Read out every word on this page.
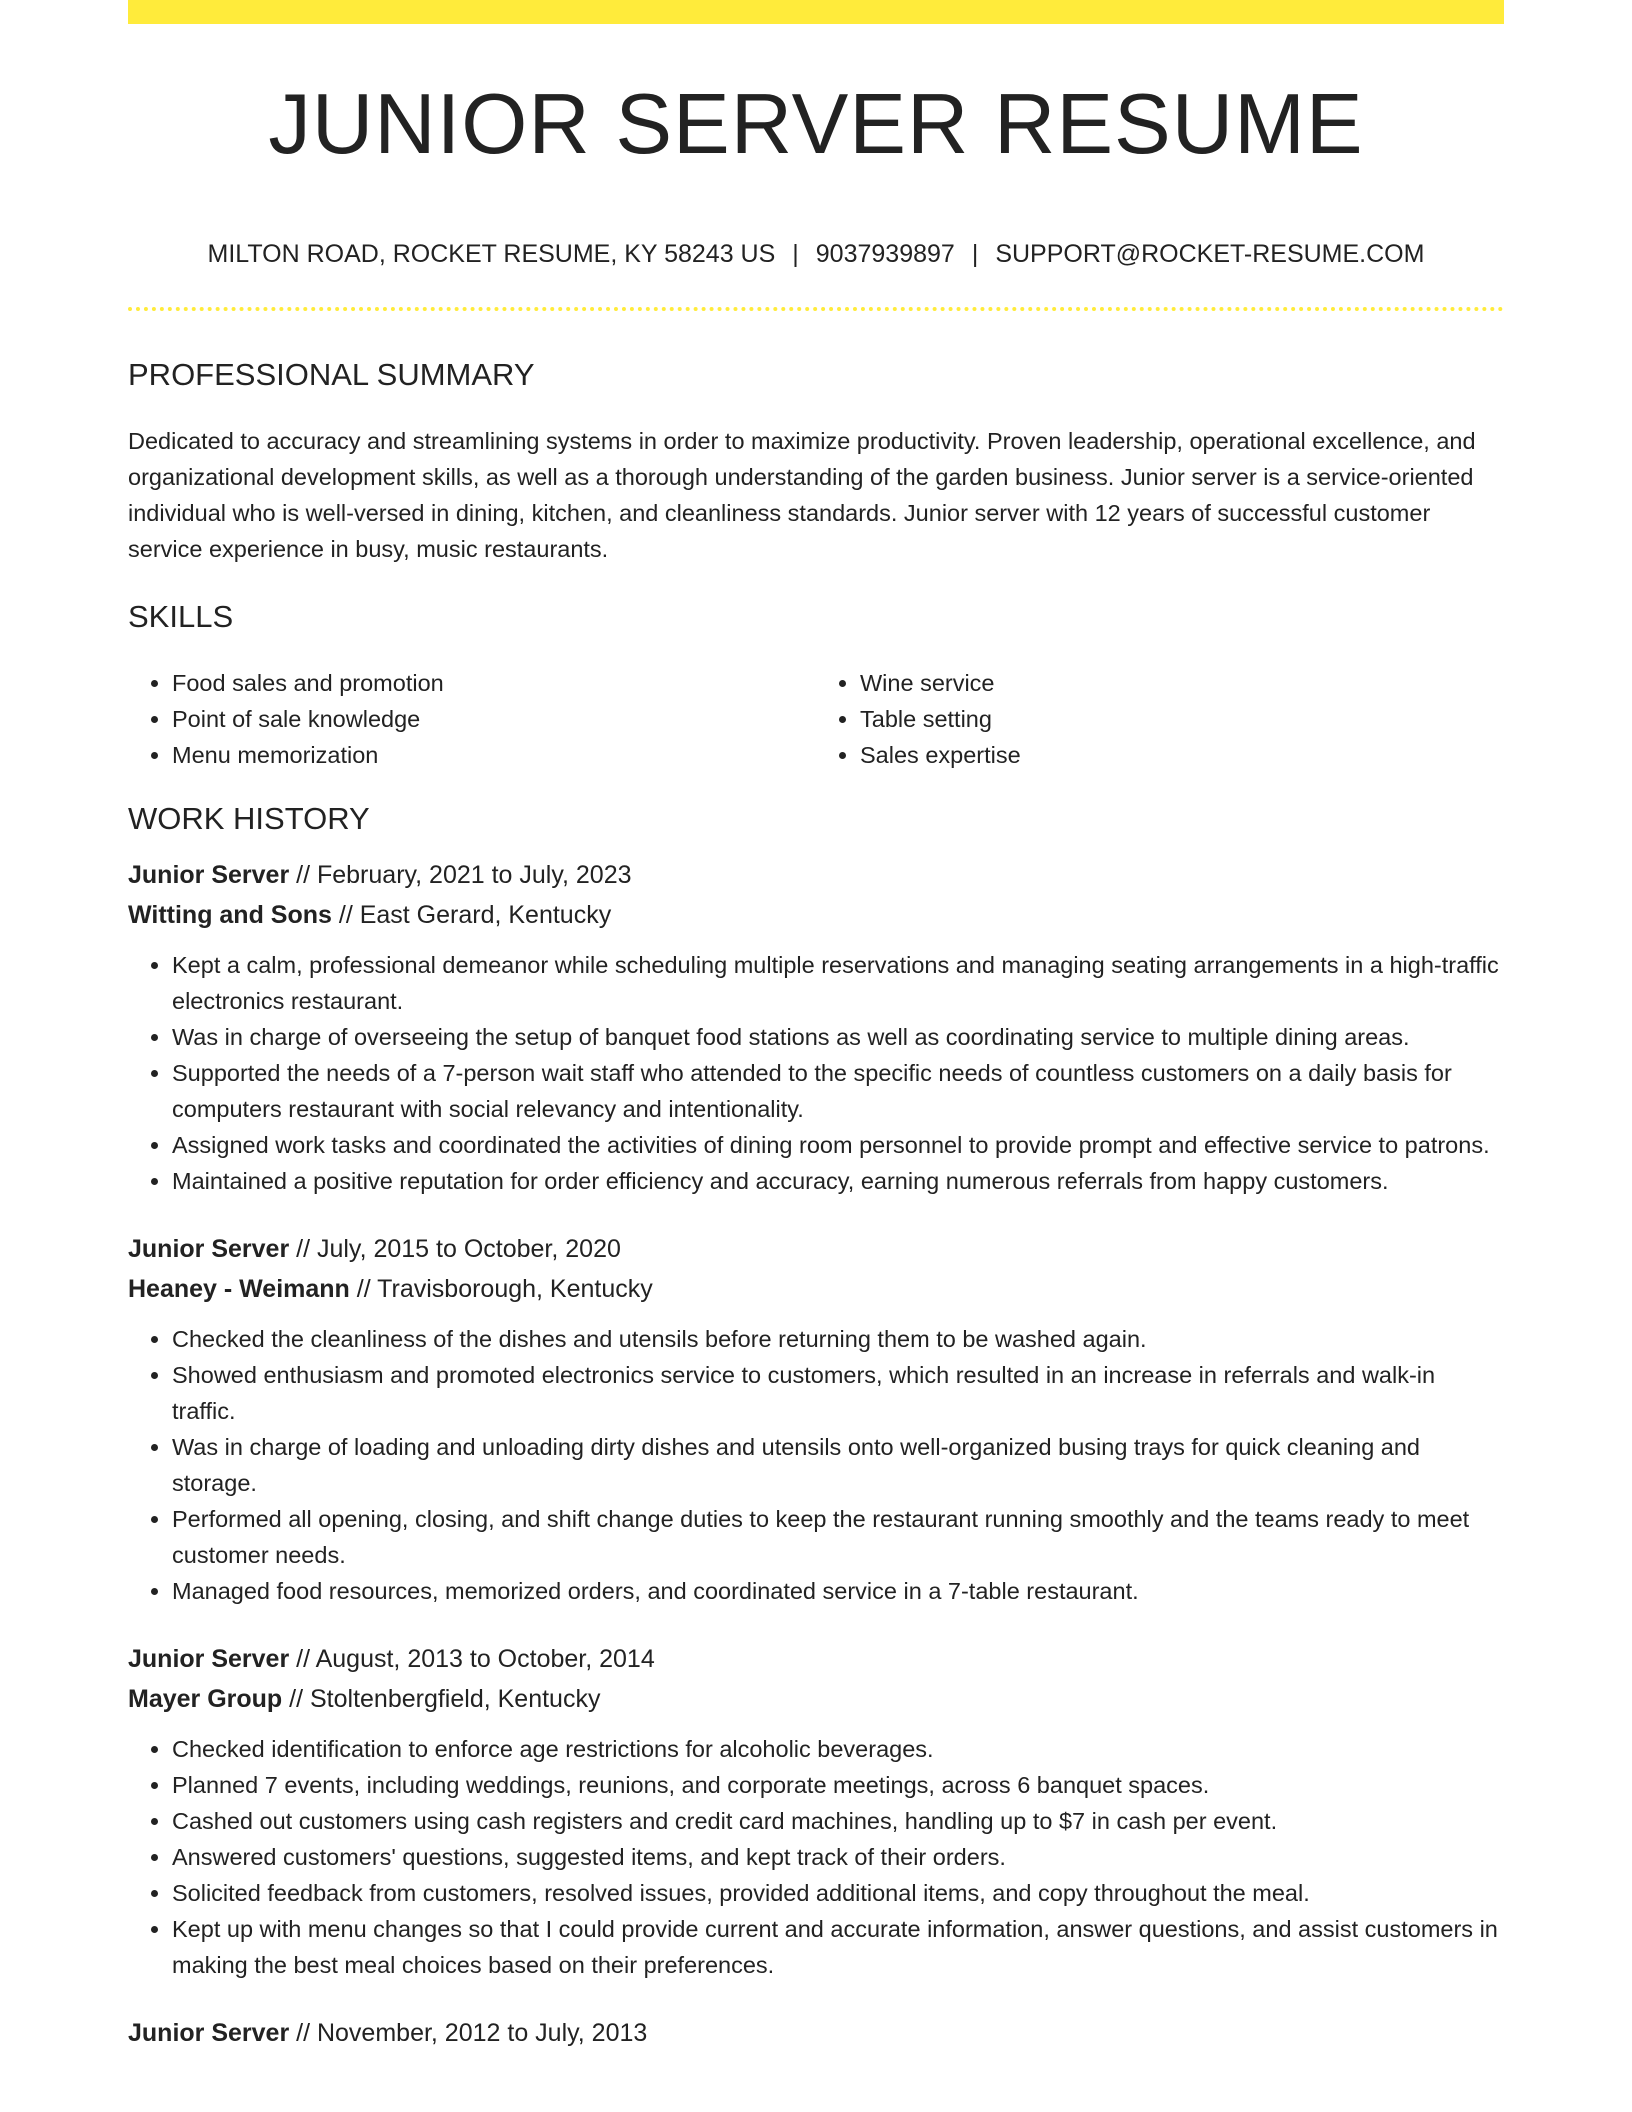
JUNIOR SERVER RESUME
MILTON ROAD, ROCKET RESUME, KY 58243 US | 9037939897 | SUPPORT@ROCKET-RESUME.COM
PROFESSIONAL SUMMARY

Dedicated to accuracy and streamlining systems in order to maximize productivity. Proven leadership, operational excellence, and organizational development skills, as well as a thorough understanding of the garden business. Junior server is a service-oriented individual who is well-versed in dining, kitchen, and cleanliness standards. Junior server with 12 years of successful customer service experience in busy, music restaurants.

SKILLS
• Food sales and promotion
• Point of sale knowledge
• Menu memorization
• Wine service
• Table setting
• Sales expertise
WORK HISTORY
Junior Server // February, 2021 to July, 2023
Witting and Sons // East Gerard, Kentucky
• Kept a calm, professional demeanor while scheduling multiple reservations and managing seating arrangements in a high-traffic electronics restaurant.
• Was in charge of overseeing the setup of banquet food stations as well as coordinating service to multiple dining areas.
• Supported the needs of a 7-person wait staff who attended to the specific needs of countless customers on a daily basis for computers restaurant with social relevancy and intentionality.
• Assigned work tasks and coordinated the activities of dining room personnel to provide prompt and effective service to patrons.
• Maintained a positive reputation for order efficiency and accuracy, earning numerous referrals from happy customers.
Junior Server // July, 2015 to October, 2020
Heaney - Weimann // Travisborough, Kentucky
• Checked the cleanliness of the dishes and utensils before returning them to be washed again.
• Showed enthusiasm and promoted electronics service to customers, which resulted in an increase in referrals and walk-in traffic.
• Was in charge of loading and unloading dirty dishes and utensils onto well-organized busing trays for quick cleaning and storage.
• Performed all opening, closing, and shift change duties to keep the restaurant running smoothly and the teams ready to meet customer needs.
• Managed food resources, memorized orders, and coordinated service in a 7-table restaurant.
Junior Server // August, 2013 to October, 2014
Mayer Group // Stoltenbergfield, Kentucky
• Checked identification to enforce age restrictions for alcoholic beverages.
• Planned 7 events, including weddings, reunions, and corporate meetings, across 6 banquet spaces.
• Cashed out customers using cash registers and credit card machines, handling up to $7 in cash per event.
• Answered customers' questions, suggested items, and kept track of their orders.
• Solicited feedback from customers, resolved issues, provided additional items, and copy throughout the meal.
• Kept up with menu changes so that I could provide current and accurate information, answer questions, and assist customers in making the best meal choices based on their preferences.
Junior Server // November, 2012 to July, 2013
